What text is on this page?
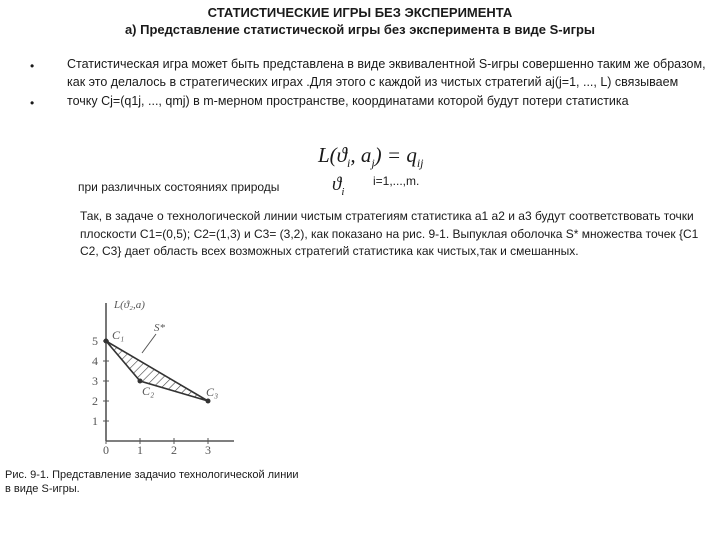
СТАТИСТИЧЕСКИЕ ИГРЫ БЕЗ ЭКСПЕРИМЕНТА
а) Представление статистической игры без эксперимента в виде S-игры
•
•
Статистическая игра может быть представлена в виде эквивалентной S-игры совершенно таким же образом, как это делалось в стратегических играх .Для этого с каждой из чистых стратегий aj(j=1, ..., L) связываем точку Cj=(q1j, ..., qmj) в m-мерном пространстве, координатами которой будут потери статистика
$L(ϑ_i$, $a_j) = q_{ij}$
при различных состояниях природы	$ϑ_i$
i=1,...,m.
Так, в задаче о технологической линии чистым стратегиям статистика а1 а2 и а3 будут соответствовать точки плоскости С1=(0,5); С2=(1,3) и С3= (3,2), как показано на рис. 9-1. Выпуклая оболочка S* множества точек {С1 С2, С3} дает область всех возможных стратегий статистика как чистых,так и смешанных.
5
4
3
2
1
0 1 2 3
C₁
C₂	C₃
L(ϑ₂,a)
S*
Рис. 9-1. Представление задачио технологической линии в виде S-игры.
